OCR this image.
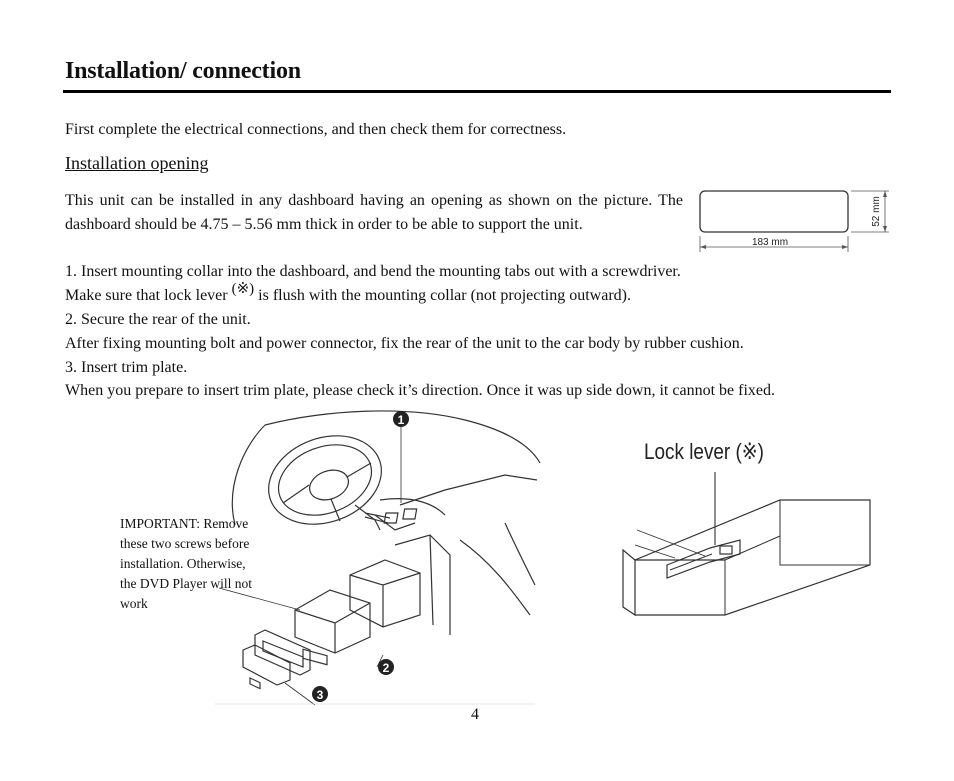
Installation/ connection
First complete the electrical connections, and then check them for correctness.
Installation opening
This unit can be installed in any dashboard having an opening as shown on the picture. The dashboard should be 4.75 – 5.56 mm thick in order to be able to support the unit.
183 mm
52 mm
1. Insert mounting collar into the dashboard, and bend the mounting tabs out with a screwdriver.
Make sure that lock lever (※) is flush with the mounting collar (not projecting outward).
2. Secure the rear of the unit.
After fixing mounting bolt and power connector, fix the rear of the unit to the car body by rubber cushion.
3. Insert trim plate.
When you prepare to insert trim plate, please check it’s direction. Once it was up side down, it cannot be fixed.
1
2
3
IMPORTANT: Remove
these two screws before
installation. Otherwise,
the DVD Player will not
work
Lock lever (※)
4
